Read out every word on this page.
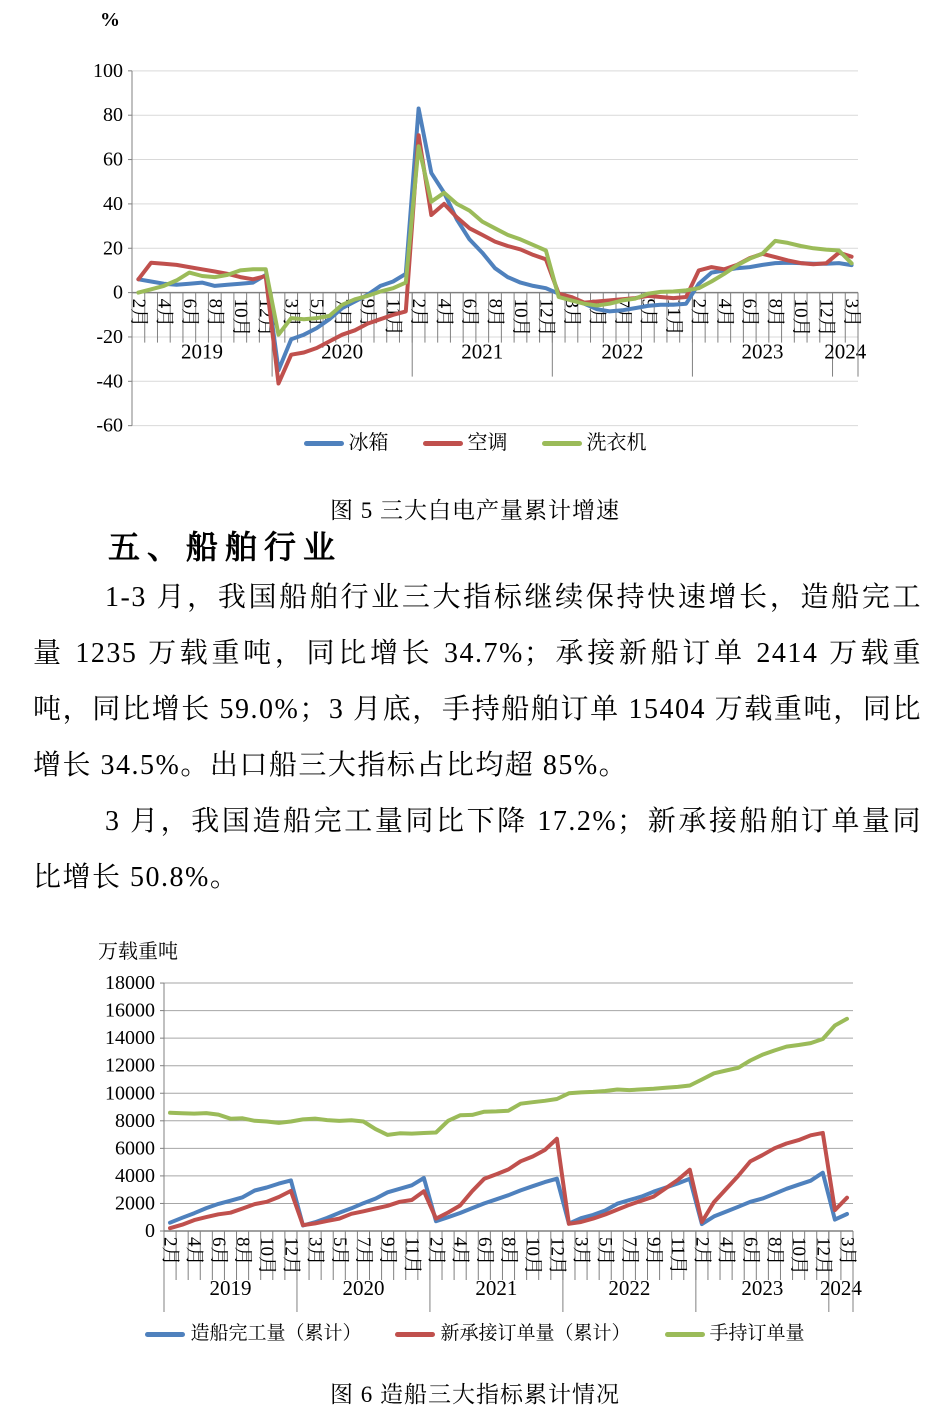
-60
-40
-20
0
20
40
60
80
100
2019	2020	2021	2022	2023 2024
2月 4月 6月 8月 10月 12月 3月 5月 7月 9月 11月 2月 4月 6月 8月 10月 12月 3月 5月 7月 9月 11月 2月 4月 6月 8月 10月 12月 3月
%
冰箱	空调	洗衣机
图 5 三大白电产量累计增速
五、船舶行业

1-3 月，我国船舶行业三大指标继续保持快速增长，造船完工量 1235 万载重吨，同比增长 34.7%；承接新船订单 2414 万载重吨，同比增长 59.0%；3 月底，手持船舶订单 15404 万载重吨，同比增长 34.5%。出口船三大指标占比均超 85%。

3 月，我国造船完工量同比下降 17.2%；新承接船舶订单量同比增长 50.8%。

0
2000
4000
6000
8000
10000
12000
14000
16000
18000
2019	2020	2021	2022	2023 2024
2月 4月 6月 8月 10月 12月 3月 5月 7月 9月 11月 2月 4月 6月 8月 10月 12月 3月 5月 7月 9月 11月 2月 4月 6月 8月 10月 12月 3月
万载重吨
造船完工量（累计）	新承接订单量（累计）	手持订单量
图 6 造船三大指标累计情况
